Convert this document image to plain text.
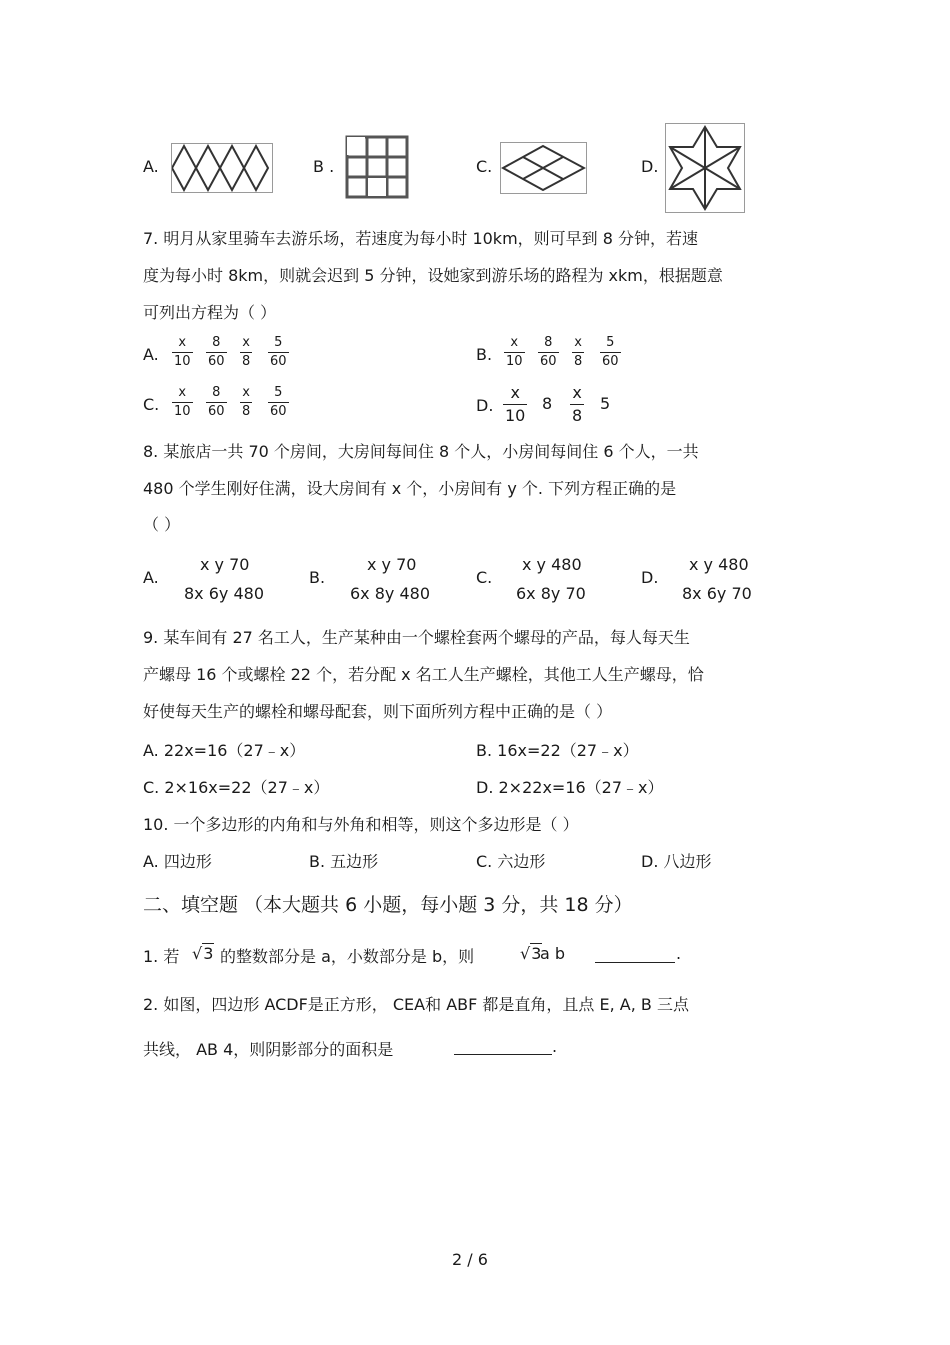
A.	B .	C.	D.
7. 明月从家里骑车去游乐场，若速度为每小时 10km，则可早到 8 分钟，若速
度为每小时 8km，则就会迟到 5 分钟，设她家到游乐场的路程为 xkm，根据题意
可列出方程为（ ）
A. $\frac{x}{10} \frac{8}{60} \frac{x}{8} \frac{5}{60}$	B. $\frac{x}{10} \frac{8}{60} \frac{x}{8} \frac{5}{60}$
C. $\frac{x}{10} \frac{8}{60} \frac{x}{8} \frac{5}{60}$	D. $\frac{x}{10} 8 \frac{x}{8} 5$
8. 某旅店一共 70 个房间，大房间每间住 8 个人，小房间每间住 6 个人，一共
480 个学生刚好住满，设大房间有 x 个，小房间有 y 个. 下列方程正确的是
（ ）
A.
x y 70
8x 6y 480
B.
x y 70
6x 8y 480
C.
x y 480
6x 8y 70
D.
x y 480
8x 6y 70
9. 某车间有 27 名工人，生产某种由一个螺栓套两个螺母的产品，每人每天生
产螺母 16 个或螺栓 22 个，若分配 x 名工人生产螺栓，其他工人生产螺母，恰
好使每天生产的螺栓和螺母配套，则下面所列方程中正确的是（ ）
A. 22x=16（27﹣x）	B. 16x=22（27﹣x）
C. 2×16x=22（27﹣x）	D. 2×22x=16（27﹣x）
10. 一个多边形的内角和与外角和相等，则这个多边形是（ ）
A. 四边形	B. 五边形	C. 六边形	D. 八边形
二、填空题 （本大题共 6 小题，每小题 3 分，共 18 分）
1. 若 √3 的整数部分是 a，小数部分是 b，则	√3
a b	.
2. 如图，四边形 ACDF是正方形， CEA和 ABF 都是直角，且点 E, A, B 三点
共线， AB 4，则阴影部分的面积是	.
2 / 6
